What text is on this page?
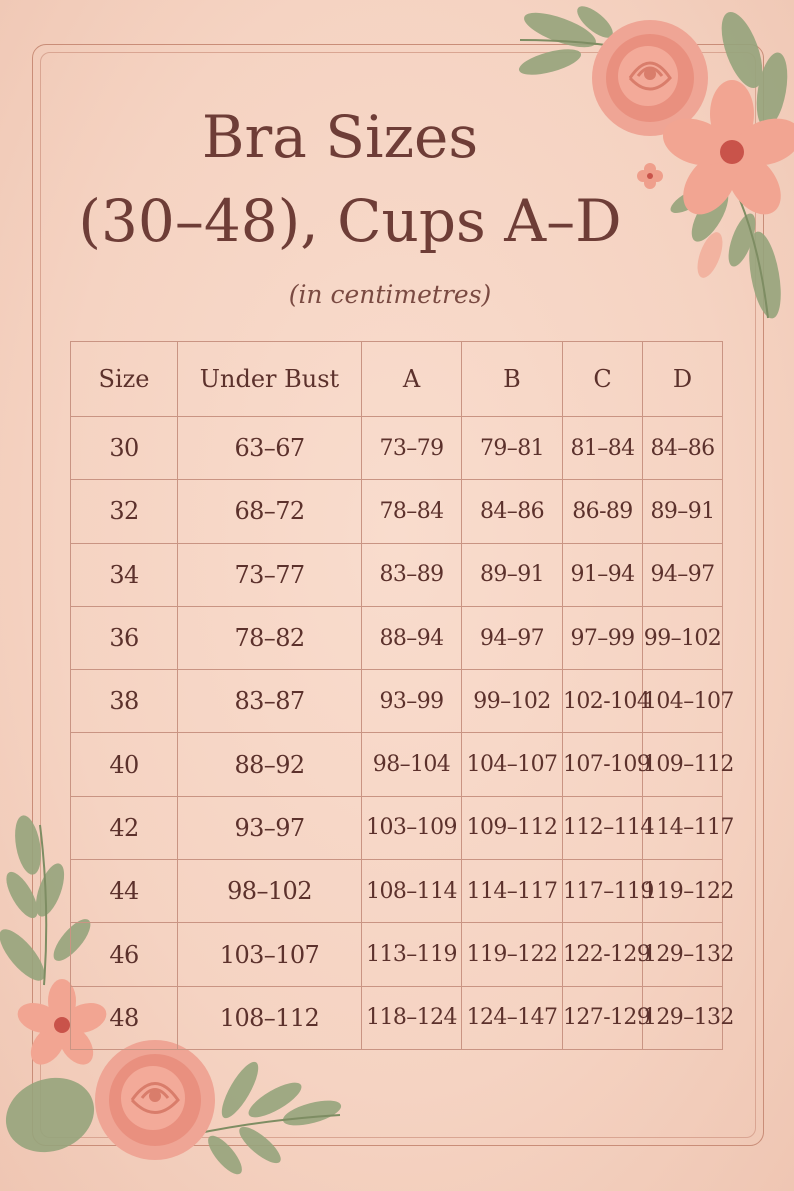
Bra Sizes
(30–48), Cups A–D
(in centimetres)
Size	Under Bust	A	B	C	D
30	63–67	73–79	79–81	81–84	84–86
32	68–72	78–84	84–86	86-89	89–91
34	73–77	83–89	89–91	91–94	94–97
36	78–82	88–94	94–97	97–99	99–102
38	83–87	93–99	99–102	102-104	104–107
40	88–92	98–104	104–107	107-109	109–112
42	93–97	103–109	109–112	112–114	114–117
44	98–102	108–114	114–117	117–119	119–122
46	103–107	113–119	119–122	122-129	129–132
48	108–112	118–124	124–147	127-129	129–132
